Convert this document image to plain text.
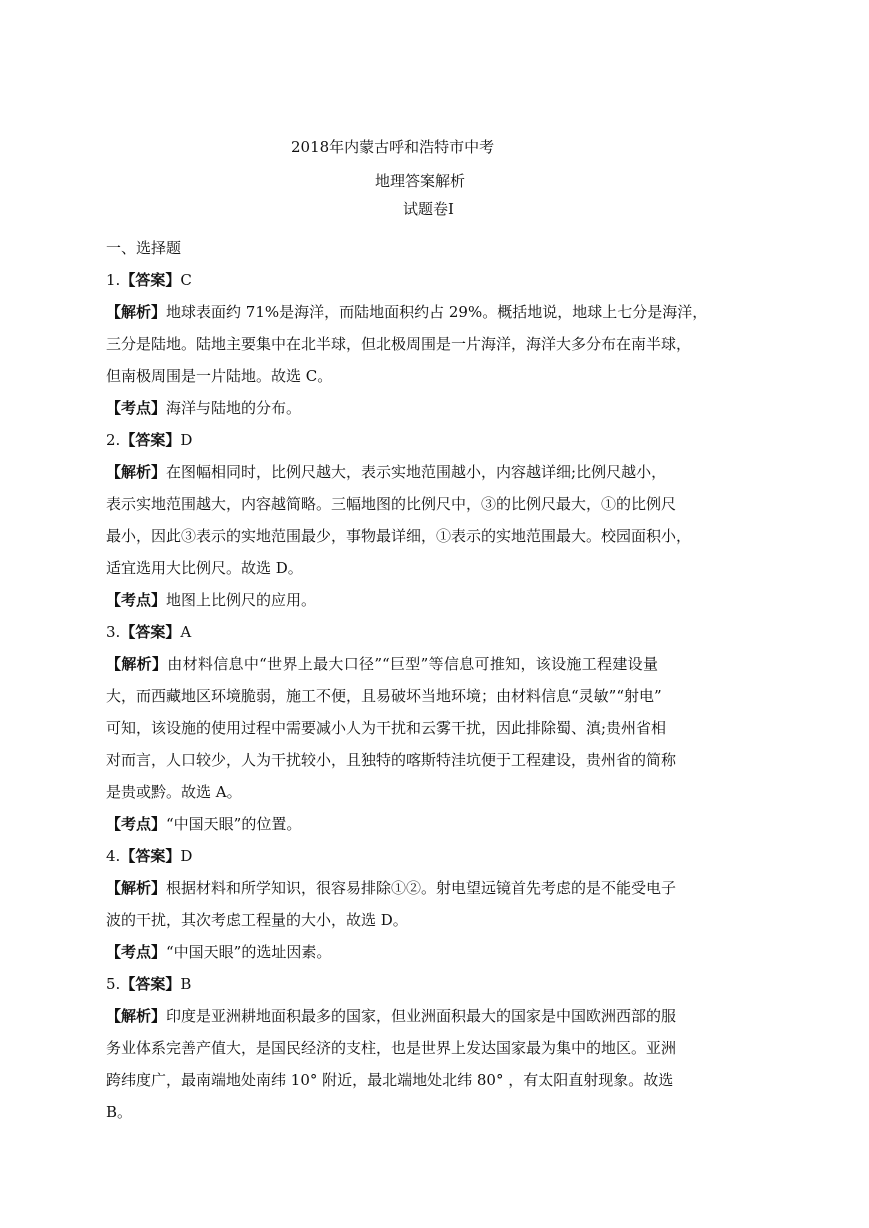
2018年内蒙古呼和浩特市中考
地理答案解析
试题卷Ⅰ
一、选择题
1.【答案】C
【解析】地球表面约 71%是海洋，而陆地面积约占 29%。概括地说，地球上七分是海洋，
三分是陆地。陆地主要集中在北半球，但北极周围是一片海洋，海洋大多分布在南半球，
但南极周围是一片陆地。故选 C。
【考点】海洋与陆地的分布。
2.【答案】D
【解析】在图幅相同时，比例尺越大，表示实地范围越小，内容越详细;比例尺越小，
表示实地范围越大，内容越简略。三幅地图的比例尺中，③的比例尺最大，①的比例尺
最小，因此③表示的实地范围最少，事物最详细，①表示的实地范围最大。校园面积小，
适宜选用大比例尺。故选 D。
【考点】地图上比例尺的应用。
3.【答案】A
【解析】由材料信息中“世界上最大口径”“巨型”等信息可推知，该设施工程建设量
大，而西藏地区环境脆弱，施工不便，且易破坏当地环境；由材料信息“灵敏”“射电”
可知，该设施的使用过程中需要减小人为干扰和云雾干扰，因此排除蜀、滇;贵州省相
对而言，人口较少，人为干扰较小，且独特的喀斯特洼坑便于工程建设，贵州省的简称
是贵或黔。故选 A。
【考点】“中国天眼”的位置。
4.【答案】D
【解析】根据材料和所学知识，很容易排除①②。射电望远镜首先考虑的是不能受电子
波的干扰，其次考虑工程量的大小，故选 D。
【考点】“中国天眼”的选址因素。
5.【答案】B
【解析】印度是亚洲耕地面积最多的国家，但业洲面积最大的国家是中国欧洲西部的服
务业体系完善产值大，是国民经济的支柱，也是世界上发达国家最为集中的地区。亚洲
跨纬度广，最南端地处南纬 10° 附近，最北端地处北纬 80° ，有太阳直射现象。故选
B。
